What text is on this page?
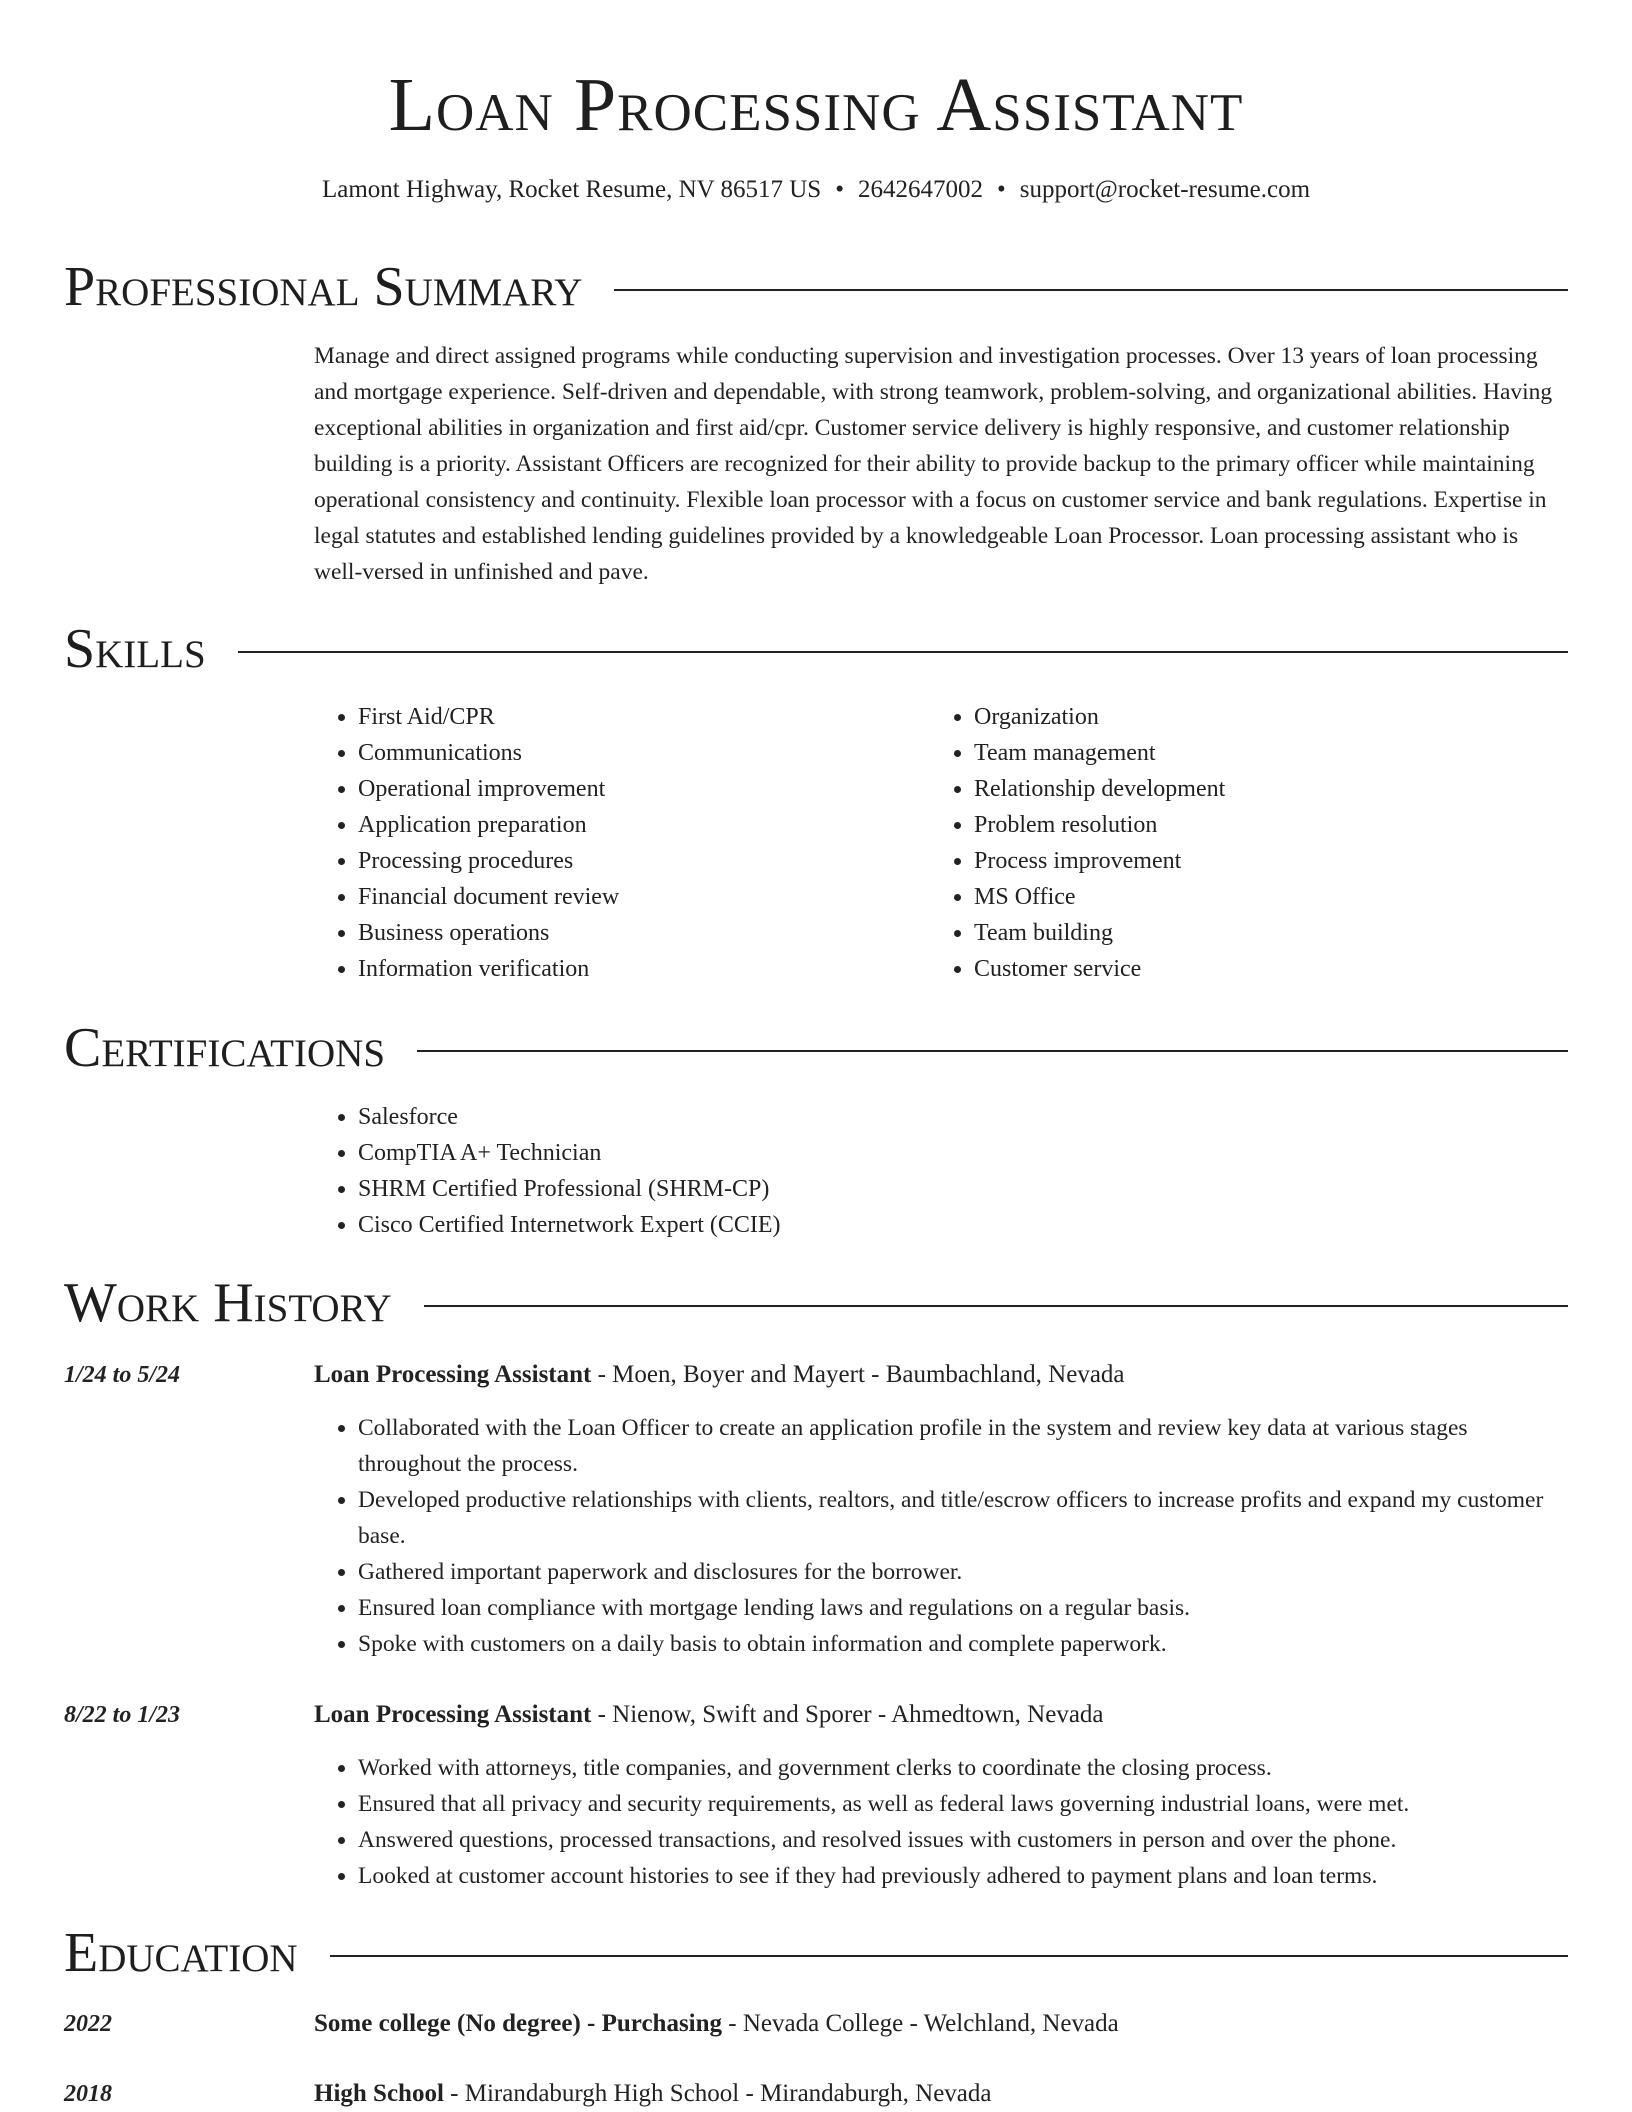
Loan Processing Assistant
Lamont Highway, Rocket Resume, NV 86517 US • 2642647002 • support@rocket-resume.com
Professional Summary

Manage and direct assigned programs while conducting supervision and investigation processes. Over 13 years of loan processing and mortgage experience. Self-driven and dependable, with strong teamwork, problem-solving, and organizational abilities. Having exceptional abilities in organization and first aid/cpr. Customer service delivery is highly responsive, and customer relationship building is a priority. Assistant Officers are recognized for their ability to provide backup to the primary officer while maintaining operational consistency and continuity. Flexible loan processor with a focus on customer service and bank regulations. Expertise in legal statutes and established lending guidelines provided by a knowledgeable Loan Processor. Loan processing assistant who is well-versed in unfinished and pave.

Skills
• First Aid/CPR
• Communications
• Operational improvement
• Application preparation
• Processing procedures
• Financial document review
• Business operations
• Information verification
• Organization
• Team management
• Relationship development
• Problem resolution
• Process improvement
• MS Office
• Team building
• Customer service
Certifications
• Salesforce
• CompTIA A+ Technician
• SHRM Certified Professional (SHRM-CP)
• Cisco Certified Internetwork Expert (CCIE)
Work History
1/24 to 5/24	Loan Processing Assistant - Moen, Boyer and Mayert - Baumbachland, Nevada
• Collaborated with the Loan Officer to create an application profile in the system and review key data at various stages throughout the process.
• Developed productive relationships with clients, realtors, and title/escrow officers to increase profits and expand my customer base.
• Gathered important paperwork and disclosures for the borrower.
• Ensured loan compliance with mortgage lending laws and regulations on a regular basis.
• Spoke with customers on a daily basis to obtain information and complete paperwork.
8/22 to 1/23	Loan Processing Assistant - Nienow, Swift and Sporer - Ahmedtown, Nevada
• Worked with attorneys, title companies, and government clerks to coordinate the closing process.
• Ensured that all privacy and security requirements, as well as federal laws governing industrial loans, were met.
• Answered questions, processed transactions, and resolved issues with customers in person and over the phone.
• Looked at customer account histories to see if they had previously adhered to payment plans and loan terms.
Education
2022	Some college (No degree) - Purchasing - Nevada College - Welchland, Nevada
2018	High School - Mirandaburgh High School - Mirandaburgh, Nevada
